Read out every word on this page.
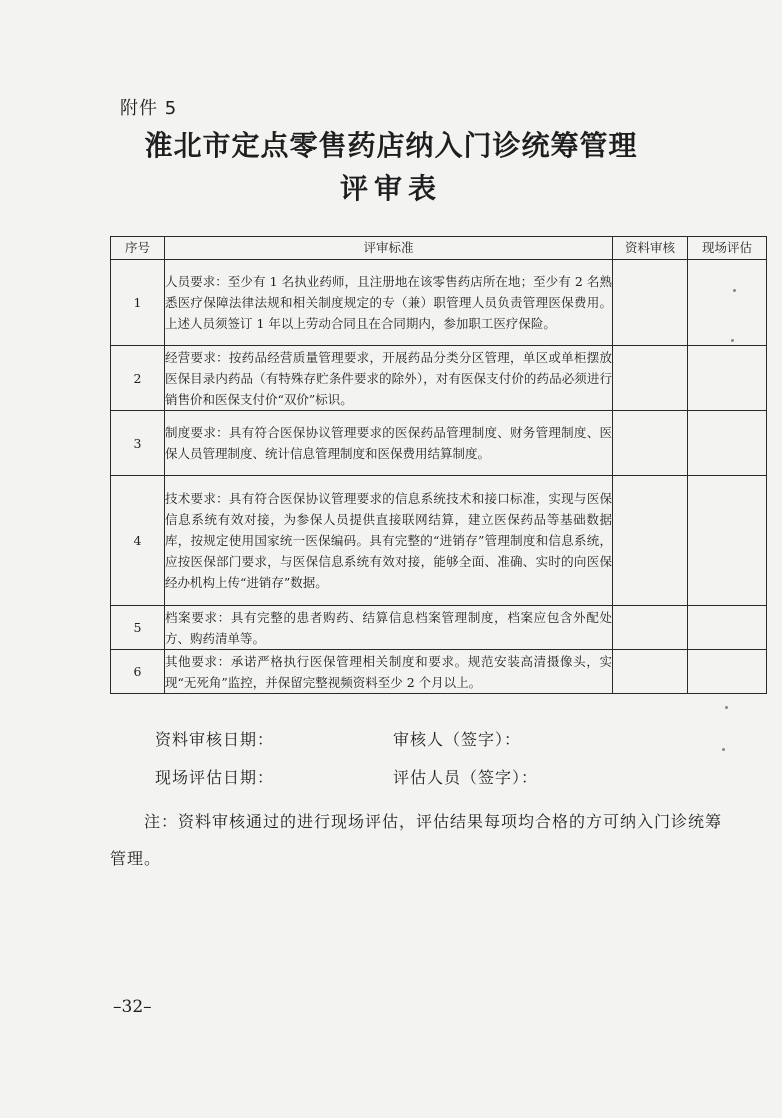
附件 5
淮北市定点零售药店纳入门诊统筹管理
评审表
序号	评审标准	资料审核	现场评估
1	人员要求：至少有 1 名执业药师，且注册地在该零售药店所在地；至少有 2 名熟悉医疗保障法律法规和相关制度规定的专（兼）职管理人员负责管理医保费用。上述人员须签订 1 年以上劳动合同且在合同期内，参加职工医疗保险。		
2	经营要求：按药品经营质量管理要求，开展药品分类分区管理，单区或单柜摆放医保目录内药品（有特殊存贮条件要求的除外），对有医保支付价的药品必须进行销售价和医保支付价“双价”标识。		
3	制度要求：具有符合医保协议管理要求的医保药品管理制度、财务管理制度、医保人员管理制度、统计信息管理制度和医保费用结算制度。		
4	技术要求：具有符合医保协议管理要求的信息系统技术和接口标准，实现与医保信息系统有效对接，为参保人员提供直接联网结算，建立医保药品等基础数据库，按规定使用国家统一医保编码。具有完整的“进销存”管理制度和信息系统，应按医保部门要求，与医保信息系统有效对接，能够全面、准确、实时的向医保经办机构上传“进销存”数据。		
5	档案要求：具有完整的患者购药、结算信息档案管理制度，档案应包含外配处方、购药清单等。		
6	其他要求：承诺严格执行医保管理相关制度和要求。规范安装高清摄像头，实现“无死角”监控，并保留完整视频资料至少 2 个月以上。		
资料审核日期：	审核人（签字）：
现场评估日期：	评估人员（签字）：
注：资料审核通过的进行现场评估，评估结果每项均合格的方可纳入门诊统筹管理。
–32–
